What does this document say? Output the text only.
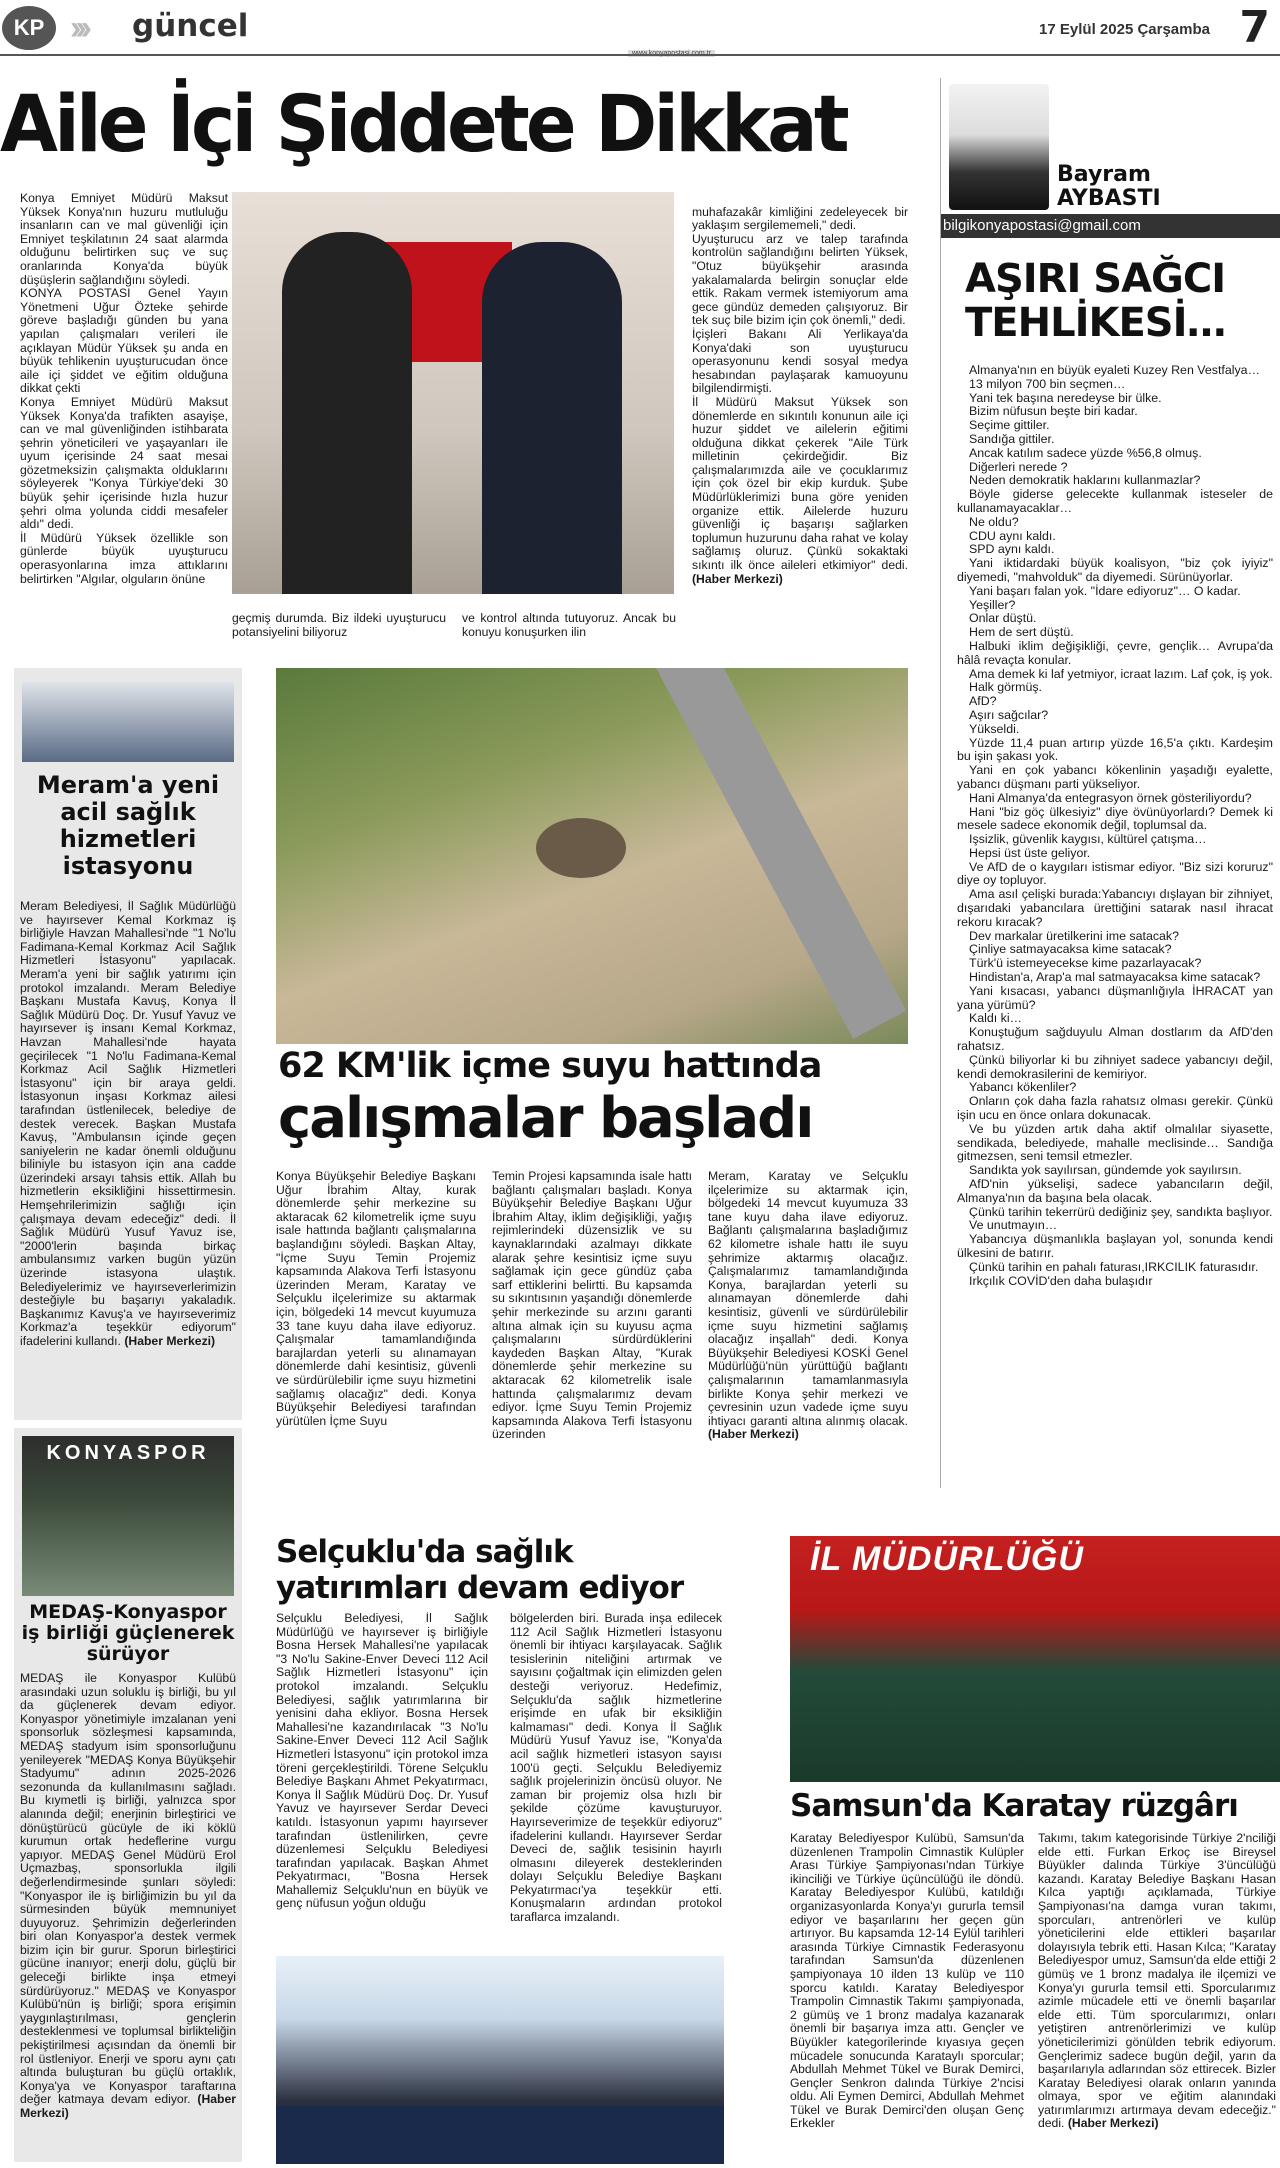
KP ››› güncel	17 Eylül 2025 Çarşamba 7
Aile İçi Şiddete Dikkat
Konya Emniyet Müdürü Maksut Yüksek Konya'nın huzuru mutluluğu insanların can ve mal güvenliği için Emniyet teşkilatının 24 saat alarmda olduğunu belirtirken suç ve suç oranlarında Konya'da büyük düşüşlerin sağlandığını söyledi.
KONYA POSTASI Genel Yayın Yönetmeni Uğur Özteke şehirde göreve başladığı günden bu yana yapılan çalışmaları verileri ile açıklayan Müdür Yüksek şu anda en büyük tehlikenin uyuşturucudan önce aile içi şiddet ve eğitim olduğuna dikkat çekti
Konya Emniyet Müdürü Maksut Yüksek Konya'da trafikten asayişe, can ve mal güvenliğinden istihbarata şehrin yöneticileri ve yaşayanları ile uyum içerisinde 24 saat mesai gözetmeksizin çalışmakta olduklarını söyleyerek "Konya Türkiye'deki 30 büyük şehir içerisinde hızla huzur şehri olma yolunda ciddi mesafeler aldı" dedi.
İl Müdürü Yüksek özellikle son günlerde büyük uyuşturucu operasyonlarına imza attıklarını belirtirken "Algılar, olguların önüne
geçmiş durumda. Biz ildeki uyuşturucu potansiyelini biliyoruz
ve kontrol altında tutuyoruz. Ancak bu konuyu konuşurken ilin

muhafazakâr kimliğini zedeleyecek bir yaklaşım sergilememeli," dedi.
Uyuşturucu arz ve talep tarafında kontrolün sağlandığını belirten Yüksek, "Otuz büyükşehir arasında yakalamalarda belirgin sonuçlar elde ettik. Rakam vermek istemiyorum ama gece gündüz demeden çalışıyoruz. Bir tek suç bile bizim için çok önemli," dedi.
İçişleri Bakanı Ali Yerlikaya'da Konya'daki son uyuşturucu operasyonunu kendi sosyal medya hesabından paylaşarak kamuoyunu bilgilendirmişti.
İl Müdürü Maksut Yüksek son dönemlerde en sıkıntılı konunun aile içi huzur şiddet ve ailelerin eğitimi olduğuna dikkat çekerek "Aile Türk milletinin çekirdeğidir. Biz çalışmalarımızda aile ve çocuklarımız için çok özel bir ekip kurduk. Şube Müdürlüklerimizi buna göre yeniden organize ettik. Ailelerde huzuru güvenliği iç başarışı sağlarken toplumun huzurunu daha rahat ve kolay sağlamış oluruz. Çünkü sokaktaki sıkıntı ilk önce aileleri etkimiyor" dedi. (Haber Merkezi)

Bayram
AYBASTI
bilgikonyapostasi@gmail.com
AŞIRI SAĞCI
TEHLİKESİ…

Almanya'nın en büyük eyaleti Kuzey Ren Vestfalya…

13 milyon 700 bin seçmen…

Yani tek başına neredeyse bir ülke.

Bizim nüfusun beşte biri kadar.

Seçime gittiler.

Sandığa gittiler.

Ancak katılım sadece yüzde %56,8 olmuş.

Diğerleri nerede ?

Neden demokratik haklarını kullanmazlar?

Böyle giderse gelecekte kullanmak isteseler de kullanamayacaklar…

Ne oldu?

CDU aynı kaldı.

SPD aynı kaldı.

Yani iktidardaki büyük koalisyon, "biz çok iyiyiz" diyemedi, "mahvolduk" da diyemedi. Sürünüyorlar.

Yani başarı falan yok. "İdare ediyoruz"… O kadar.

Yeşiller?

Onlar düştü.

Hem de sert düştü.

Halbuki iklim değişikliği, çevre, gençlik… Avrupa'da hâlâ revaçta konular.

Ama demek ki laf yetmiyor, icraat lazım. Laf çok, iş yok.

Halk görmüş.

AfD?

Aşırı sağcılar?

Yükseldi.

Yüzde 11,4 puan artırıp yüzde 16,5'a çıktı. Kardeşim bu işin şakası yok.

Yani en çok yabancı kökenlinin yaşadığı eyalette, yabancı düşmanı parti yükseliyor.

Hani Almanya'da entegrasyon örnek gösteriliyordu?

Hani "biz göç ülkesiyiz" diye övünüyorlardı? Demek ki mesele sadece ekonomik değil, toplumsal da.

Işsizlik, güvenlik kaygısı, kültürel çatışma…

Hepsi üst üste geliyor.

Ve AfD de o kaygıları istismar ediyor. "Biz sizi koruruz" diye oy topluyor.

Ama asıl çelişki burada:Yabancıyı dışlayan bir zihniyet, dışarıdaki yabancılara ürettiğini satarak nasıl ihracat rekoru kıracak?

Dev markalar üretilkerini ime satacak?

Çinliye satmayacaksa kime satacak?

Türk'ü istemeyecekse kime pazarlayacak?

Hindistan'a, Arap'a mal satmayacaksa kime satacak?

Yani kısacası, yabancı düşmanlığıyla İHRACAT yan yana yürümü?

Kaldı ki…

Konuştuğum sağduyulu Alman dostlarım da AfD'den rahatsız.

Çünkü biliyorlar ki bu zihniyet sadece yabancıyı değil, kendi demokrasilerini de kemiriyor.

Yabancı kökenliler?

Onların çok daha fazla rahatsız olması gerekir. Çünkü işin ucu en önce onlara dokunacak.

Ve bu yüzden artık daha aktif olmalılar siyasette, sendikada, belediyede, mahalle meclisinde… Sandığa gitmezsen, seni temsil etmezler.

Sandıkta yok sayılırsan, gündemde yok sayılırsın.

AfD'nin yükselişi, sadece yabancıların değil, Almanya'nın da başına bela olacak.

Çünkü tarihin tekerrürü dediğiniz şey, sandıkta başlıyor.

Ve unutmayın…

Yabancıya düşmanlıkla başlayan yol, sonunda kendi ülkesini de batırır.

Çünkü tarihin en pahalı faturası,IRKCILIK faturasıdır.

Irkçılık COVİD'den daha bulaşıdır

Meram'a yeni acil sağlık hizmetleri istasyonu
Meram Belediyesi, İl Sağlık Müdürlüğü ve hayırsever Kemal Korkmaz iş birliğiyle Havzan Mahallesi'nde "1 No'lu Fadimana-Kemal Korkmaz Acil Sağlık Hizmetleri İstasyonu" yapılacak. Meram'a yeni bir sağlık yatırımı için protokol imzalandı. Meram Belediye Başkanı Mustafa Kavuş, Konya İl Sağlık Müdürü Doç. Dr. Yusuf Yavuz ve hayırsever iş insanı Kemal Korkmaz, Havzan Mahallesi'nde hayata geçirilecek "1 No'lu Fadimana-Kemal Korkmaz Acil Sağlık Hizmetleri İstasyonu" için bir araya geldi. İstasyonun inşası Korkmaz ailesi tarafından üstlenilecek, belediye de destek verecek. Başkan Mustafa Kavuş, "Ambulansın içinde geçen saniyelerin ne kadar önemli olduğunu biliniyle bu istasyon için ana cadde üzerindeki arsayı tahsis ettik. Allah bu hizmetlerin eksikliğini hissettirmesin. Hemşehrilerimizin sağlığı için çalışmaya devam edeceğiz" dedi. İl Sağlık Müdürü Yusuf Yavuz ise, "2000'lerin başında birkaç ambulansımız varken bugün yüzün üzerinde istasyona ulaştık. Belediyelerimiz ve hayırseverlerimizin desteğiyle bu başarıyı yakaladık. Başkanımız Kavuş'a ve hayırseverimiz Korkmaz'a teşekkür ediyorum" ifadelerini kullandı. (Haber Merkezi)
KONYASPOR
MEDAŞ-Konyaspor iş birliği güçlenerek sürüyor
MEDAŞ ile Konyaspor Kulübü arasındaki uzun soluklu iş birliği, bu yıl da güçlenerek devam ediyor. Konyaspor yönetimiyle imzalanan yeni sponsorluk sözleşmesi kapsamında, MEDAŞ stadyum isim sponsorluğunu yenileyerek "MEDAŞ Konya Büyükşehir Stadyumu" adının 2025-2026 sezonunda da kullanılmasını sağladı. Bu kıymetli iş birliği, yalnızca spor alanında değil; enerjinin birleştirici ve dönüştürücü gücüyle de iki köklü kurumun ortak hedeflerine vurgu yapıyor. MEDAŞ Genel Müdürü Erol Uçmazbaş, sponsorlukla ilgili değerlendirmesinde şunları söyledi: "Konyaspor ile iş birliğimizin bu yıl da sürmesinden büyük memnuniyet duyuyoruz. Şehrimizin değerlerinden biri olan Konyaspor'a destek vermek bizim için bir gurur. Sporun birleştirici gücüne inanıyor; enerji dolu, güçlü bir geleceği birlikte inşa etmeyi sürdürüyoruz." MEDAŞ ve Konyaspor Kulübü'nün iş birliği; spora erişimin yaygınlaştırılması, gençlerin desteklenmesi ve toplumsal birlikteliğin pekiştirilmesi açısından da önemli bir rol üstleniyor. Enerji ve sporu aynı çatı altında buluşturan bu güçlü ortaklık, Konya'ya ve Konyaspor taraftarına değer katmaya devam ediyor. (Haber Merkezi)
62 KM'lik içme suyu hattında
çalışmalar başladı
Konya Büyükşehir Belediye Başkanı Uğur İbrahim Altay, kurak dönemlerde şehir merkezine su aktaracak 62 kilometrelik içme suyu isale hattında bağlantı çalışmalarına başlandığını söyledi. Başkan Altay, "İçme Suyu Temin Projemiz kapsamında Alakova Terfi İstasyonu üzerinden Meram, Karatay ve Selçuklu ilçelerimize su aktarmak için, bölgedeki 14 mevcut kuyumuza 33 tane kuyu daha ilave ediyoruz. Çalışmalar tamamlandığında barajlardan yeterli su alınamayan dönemlerde dahi kesintisiz, güvenli ve sürdürülebilir içme suyu hizmetini sağlamış olacağız" dedi. Konya Büyükşehir Belediyesi tarafından yürütülen İçme Suyu
Temin Projesi kapsamında isale hattı bağlantı çalışmaları başladı. Konya Büyükşehir Belediye Başkanı Uğur İbrahim Altay, iklim değişikliği, yağış rejimlerindeki düzensizlik ve su kaynaklarındaki azalmayı dikkate alarak şehre kesintisiz içme suyu sağlamak için gece gündüz çaba sarf ettiklerini belirtti. Bu kapsamda su sıkıntısının yaşandığı dönemlerde şehir merkezinde su arzını garanti altına almak için su kuyusu açma çalışmalarını sürdürdüklerini kaydeden Başkan Altay, "Kurak dönemlerde şehir merkezine su aktaracak 62 kilometrelik isale hattında çalışmalarımız devam ediyor. İçme Suyu Temin Projemiz kapsamında Alakova Terfi İstasyonu üzerinden
Meram, Karatay ve Selçuklu ilçelerimize su aktarmak için, bölgedeki 14 mevcut kuyumuza 33 tane kuyu daha ilave ediyoruz. Bağlantı çalışmalarına başladığımız 62 kilometre ishale hattı ile suyu şehrimize aktarmış olacağız. Çalışmalarımız tamamlandığında Konya, barajlardan yeterli su alınamayan dönemlerde dahi kesintisiz, güvenli ve sürdürülebilir içme suyu hizmetini sağlamış olacağız inşallah" dedi. Konya Büyükşehir Belediyesi KOSKİ Genel Müdürlüğü'nün yürüttüğü bağlantı çalışmalarının tamamlanmasıyla birlikte Konya şehir merkezi ve çevresinin uzun vadede içme suyu ihtiyacı garanti altına alınmış olacak. (Haber Merkezi)
Selçuklu'da sağlık
yatırımları devam ediyor
Selçuklu Belediyesi, İl Sağlık Müdürlüğü ve hayırsever iş birliğiyle Bosna Hersek Mahallesi'ne yapılacak "3 No'lu Sakine-Enver Deveci 112 Acil Sağlık Hizmetleri İstasyonu" için protokol imzalandı. Selçuklu Belediyesi, sağlık yatırımlarına bir yenisini daha ekliyor. Bosna Hersek Mahallesi'ne kazandırılacak "3 No'lu Sakine-Enver Deveci 112 Acil Sağlık Hizmetleri İstasyonu" için protokol imza töreni gerçekleştirildi. Törene Selçuklu Belediye Başkanı Ahmet Pekyatırmacı, Konya İl Sağlık Müdürü Doç. Dr. Yusuf Yavuz ve hayırsever Serdar Deveci katıldı. İstasyonun yapımı hayırsever tarafından üstlenilirken, çevre düzenlemesi Selçuklu Belediyesi tarafından yapılacak. Başkan Ahmet Pekyatırmacı, "Bosna Hersek Mahallemiz Selçuklu'nun en büyük ve genç nüfusun yoğun olduğu
bölgelerden biri. Burada inşa edilecek 112 Acil Sağlık Hizmetleri İstasyonu önemli bir ihtiyacı karşılayacak. Sağlık tesislerinin niteliğini artırmak ve sayısını çoğaltmak için elimizden gelen desteği veriyoruz. Hedefimiz, Selçuklu'da sağlık hizmetlerine erişimde en ufak bir eksikliğin kalmaması" dedi. Konya İl Sağlık Müdürü Yusuf Yavuz ise, "Konya'da acil sağlık hizmetleri istasyon sayısı 100'ü geçti. Selçuklu Belediyemiz sağlık projelerinizin öncüsü oluyor. Ne zaman bir projemiz olsa hızlı bir şekilde çözüme kavuşturuyor. Hayırseverimize de teşekkür ediyoruz" ifadelerini kullandı. Hayırsever Serdar Deveci de, sağlık tesisinin hayırlı olmasını dileyerek desteklerinden dolayı Selçuklu Belediye Başkanı Pekyatırmacı'ya teşekkür etti. Konuşmaların ardından protokol taraflarca imzalandı.
İL MÜDÜRLÜĞÜ
Samsun'da Karatay rüzgârı
Karatay Belediyespor Kulübü, Samsun'da düzenlenen Trampolin Cimnastik Kulüpler Arası Türkiye Şampiyonası'ndan Türkiye ikinciliği ve Türkiye üçüncülüğü ile döndü. Karatay Belediyespor Kulübü, katıldığı organizasyonlarda Konya'yı gururla temsil ediyor ve başarılarını her geçen gün artırıyor. Bu kapsamda 12-14 Eylül tarihleri arasında Türkiye Cimnastik Federasyonu tarafından Samsun'da düzenlenen şampiyonaya 10 ilden 13 kulüp ve 110 sporcu katıldı. Karatay Belediyespor Trampolin Cimnastik Takımı şampiyonada, 2 gümüş ve 1 bronz madalya kazanarak önemli bir başarıya imza attı. Gençler ve Büyükler kategorilerinde kıyasıya geçen mücadele sonucunda Karataylı sporcular; Abdullah Mehmet Tükel ve Burak Demirci, Gençler Senkron dalında Türkiye 2'ncisi oldu. Ali Eymen Demirci, Abdullah Mehmet Tükel ve Burak Demirci'den oluşan Genç Erkekler
Takımı, takım kategorisinde Türkiye 2'nciliği elde etti. Furkan Erkoç ise Bireysel Büyükler dalında Türkiye 3'üncülüğü kazandı. Karatay Belediye Başkanı Hasan Kılca yaptığı açıklamada, Türkiye Şampiyonası'na damga vuran takımı, sporcuları, antrenörleri ve kulüp yöneticilerini elde ettikleri başarılar dolayısıyla tebrik etti. Hasan Kılca; "Karatay Belediyespor umuz, Samsun'da elde ettiği 2 gümüş ve 1 bronz madalya ile ilçemizi ve Konya'yı gururla temsil etti. Sporcularımız azimle mücadele etti ve önemli başarılar elde etti. Tüm sporcularımızı, onları yetiştiren antrenörlerimizi ve kulüp yöneticilerimizi gönülden tebrik ediyorum. Gençlerimiz sadece bugün değil, yarın da başarılarıyla adlarından söz ettirecek. Bizler Karatay Belediyesi olarak onların yanında olmaya, spor ve eğitim alanındaki yatırımlarımızı artırmaya devam edeceğiz." dedi. (Haber Merkezi)
